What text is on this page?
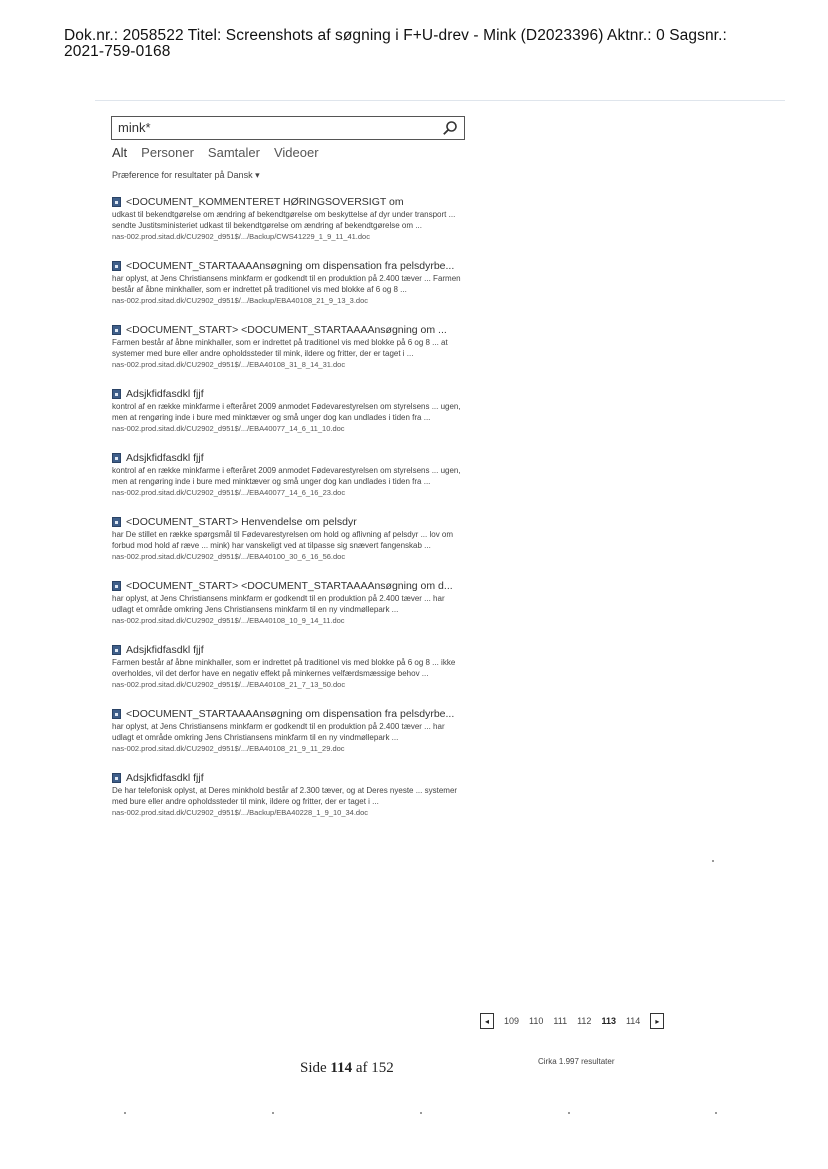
Dok.nr.: 2058522 Titel: Screenshots af søgning i F+U-drev - Mink (D2023396) Aktnr.: 0 Sagsnr.:
2021-759-0168
mink*
Alt Personer Samtaler Videoer
Præference for resultater på Dansk ▾
<DOCUMENT_KOMMENTERET HØRINGSOVERSIGT om
udkast til bekendtgørelse om ændring af bekendtgørelse om beskyttelse af dyr under transport ... sendte Justitsministeriet udkast til bekendtgørelse om ændring af bekendtgørelse om ...
nas-002.prod.sitad.dk/CU2902_d951$/.../Backup/CWS41229_1_9_11_41.doc
<DOCUMENT_STARTAAAAnsøgning om dispensation fra pelsdyrbe...
har oplyst, at Jens Christiansens minkfarm er godkendt til en produktion på 2.400 tæver ... Farmen består af åbne minkhaller, som er indrettet på traditionel vis med blokke af 6 og 8 ...
nas-002.prod.sitad.dk/CU2902_d951$/.../Backup/EBA40108_21_9_13_3.doc
<DOCUMENT_START> <DOCUMENT_STARTAAAAnsøgning om ...
Farmen består af åbne minkhaller, som er indrettet på traditionel vis med blokke på 6 og 8 ... at systemer med bure eller andre opholdssteder til mink, ildere og fritter, der er taget i ...
nas-002.prod.sitad.dk/CU2902_d951$/.../EBA40108_31_8_14_31.doc
Adsjkfidfasdkl fjjf
kontrol af en række minkfarme i efteråret 2009 anmodet Fødevarestyrelsen om styrelsens ... ugen, men at rengøring inde i bure med minktæver og små unger dog kan undlades i tiden fra ...
nas-002.prod.sitad.dk/CU2902_d951$/.../EBA40077_14_6_11_10.doc
Adsjkfidfasdkl fjjf
kontrol af en række minkfarme i efteråret 2009 anmodet Fødevarestyrelsen om styrelsens ... ugen, men at rengøring inde i bure med minktæver og små unger dog kan undlades i tiden fra ...
nas-002.prod.sitad.dk/CU2902_d951$/.../EBA40077_14_6_16_23.doc
<DOCUMENT_START> Henvendelse om pelsdyr
har De stillet en række spørgsmål til Fødevarestyrelsen om hold og aflivning af pelsdyr ... lov om forbud mod hold af ræve ... mink) har vanskeligt ved at tilpasse sig snævert fangenskab ...
nas-002.prod.sitad.dk/CU2902_d951$/.../EBA40100_30_6_16_56.doc
<DOCUMENT_START> <DOCUMENT_STARTAAAAnsøgning om d...
har oplyst, at Jens Christiansens minkfarm er godkendt til en produktion på 2.400 tæver ... har udlagt et område omkring Jens Christiansens minkfarm til en ny vindmøllepark ...
nas-002.prod.sitad.dk/CU2902_d951$/.../EBA40108_10_9_14_11.doc
Adsjkfidfasdkl fjjf
Farmen består af åbne minkhaller, som er indrettet på traditionel vis med blokke på 6 og 8 ... ikke overholdes, vil det derfor have en negativ effekt på minkernes velfærdsmæssige behov ...
nas-002.prod.sitad.dk/CU2902_d951$/.../EBA40108_21_7_13_50.doc
<DOCUMENT_STARTAAAAnsøgning om dispensation fra pelsdyrbe...
har oplyst, at Jens Christiansens minkfarm er godkendt til en produktion på 2.400 tæver ... har udlagt et område omkring Jens Christiansens minkfarm til en ny vindmøllepark ...
nas-002.prod.sitad.dk/CU2902_d951$/.../EBA40108_21_9_11_29.doc
Adsjkfidfasdkl fjjf
De har telefonisk oplyst, at Deres minkhold består af 2.300 tæver, og at Deres nyeste ... systemer med bure eller andre opholdssteder til mink, ildere og fritter, der er taget i ...
nas-002.prod.sitad.dk/CU2902_d951$/.../Backup/EBA40228_1_9_10_34.doc
◂ 109 110 111 112 113 114 ▸
Cirka 1.997 resultater
Side 114 af 152
